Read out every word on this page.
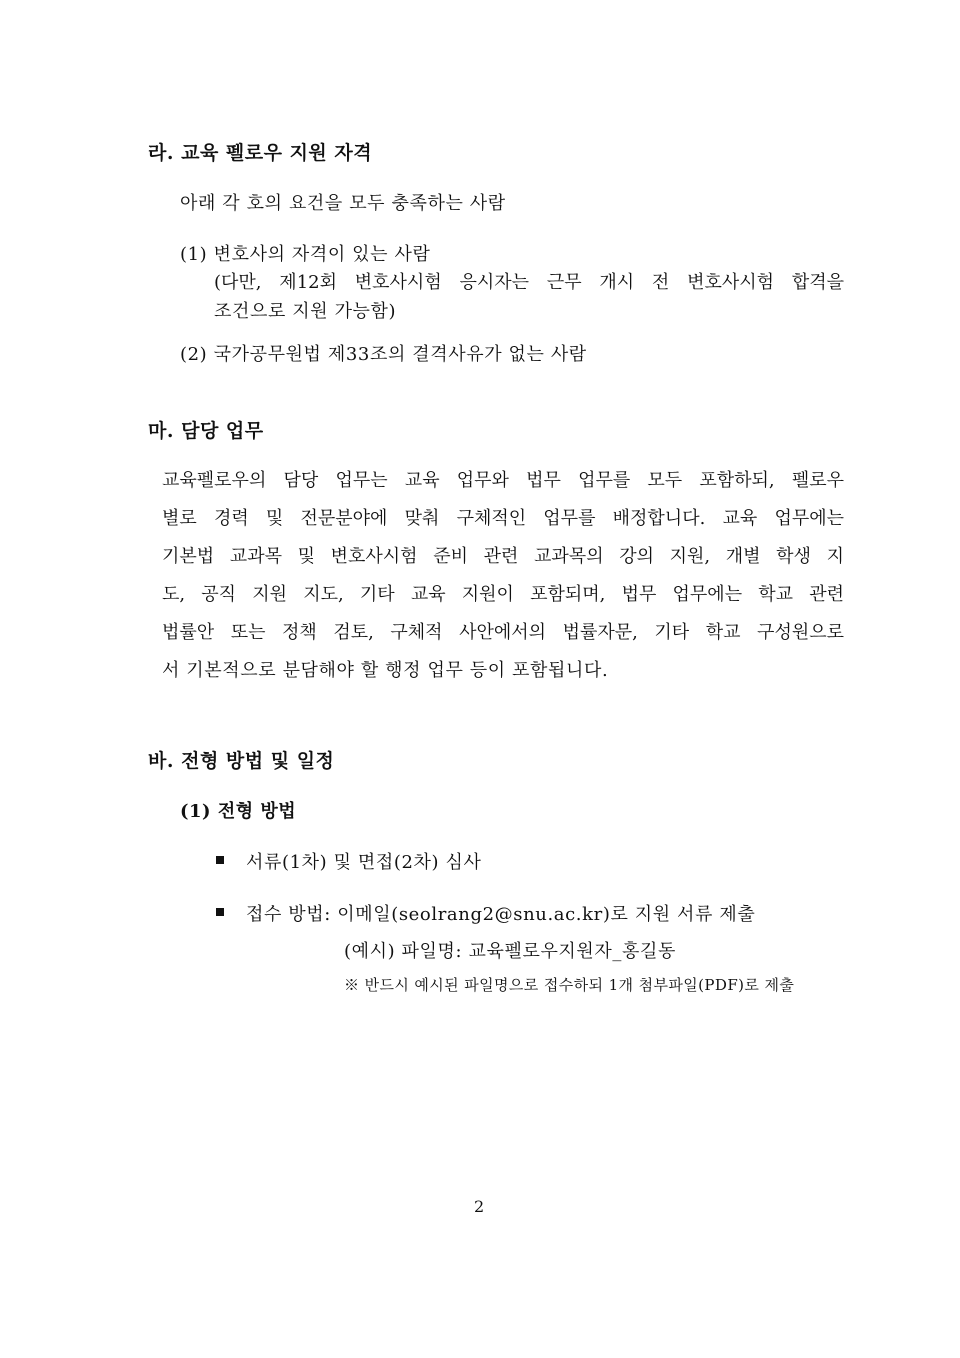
라. 교육 펠로우 지원 자격

아래 각 호의 요건을 모두 충족하는 사람

(1) 변호사의 자격이 있는 사람

(다만, 제12회 변호사시험 응시자는 근무 개시 전 변호사시험 합격을

조건으로 지원 가능함)

(2) 국가공무원법 제33조의 결격사유가 없는 사람

마. 담당 업무

교육펠로우의 담당 업무는 교육 업무와 법무 업무를 모두 포함하되, 펠로우

별로 경력 및 전문분야에 맞춰 구체적인 업무를 배정합니다. 교육 업무에는

기본법 교과목 및 변호사시험 준비 관련 교과목의 강의 지원, 개별 학생 지

도, 공직 지원 지도, 기타 교육 지원이 포함되며, 법무 업무에는 학교 관련

법률안 또는 정책 검토, 구체적 사안에서의 법률자문, 기타 학교 구성원으로

서 기본적으로 분담해야 할 행정 업무 등이 포함됩니다.

바. 전형 방법 및 일정

(1) 전형 방법

서류(1차) 및 면접(2차) 심사

접수 방법: 이메일(seolrang2@snu.ac.kr)로 지원 서류 제출

(예시) 파일명: 교육펠로우지원자_홍길동

※ 반드시 예시된 파일명으로 접수하되 1개 첨부파일(PDF)로 제출

2
